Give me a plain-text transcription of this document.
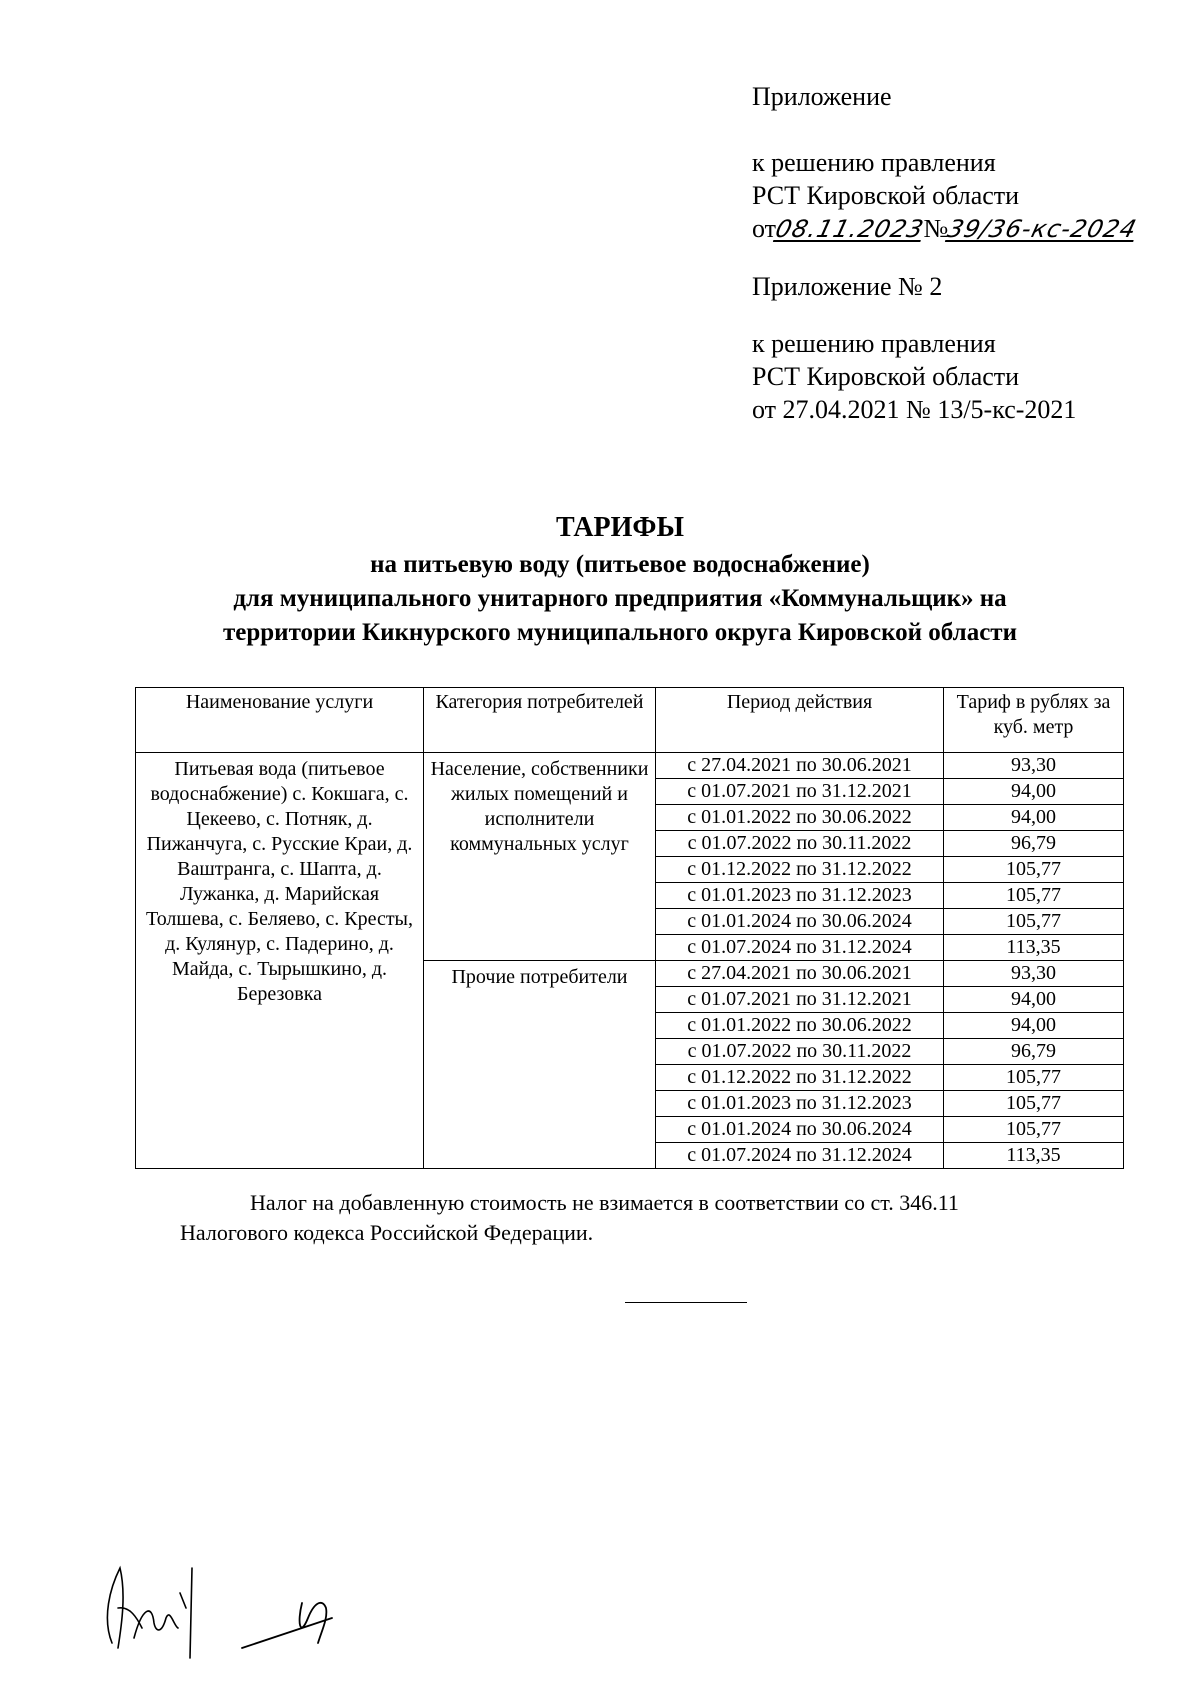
Приложение
к решению правления
РСТ Кировской области
от08.11.2023№39/36-кс-2024
Приложение № 2
к решению правления
РСТ Кировской области
от 27.04.2021 № 13/5-кс-2021
ТАРИФЫ
на питьевую воду (питьевое водоснабжение)
для муниципального унитарного предприятия «Коммунальщик» на
территории Кикнурского муниципального округа Кировской области
Наименование услуги	Категория потребителей	Период действия	Тариф в рублях за куб. метр
Питьевая вода (питьевое водоснабжение) с. Кокшага, с. Цекеево, с. Потняк, д. Пижанчуга, с. Русские Краи, д. Ваштранга, с. Шапта, д. Лужанка, д. Марийская Толшева, с. Беляево, с. Кресты, д. Кулянур, с. Падерино, д. Майда, с. Тырышкино, д. Березовка	Население, собственники жилых помещений и исполнители коммунальных услуг	с 27.04.2021 по 30.06.2021	93,30
		с 01.07.2021 по 31.12.2021	94,00
		с 01.01.2022 по 30.06.2022	94,00
		с 01.07.2022 по 30.11.2022	96,79
		с 01.12.2022 по 31.12.2022	105,77
		с 01.01.2023 по 31.12.2023	105,77
		с 01.01.2024 по 30.06.2024	105,77
		с 01.07.2024 по 31.12.2024	113,35
	Прочие потребители	с 27.04.2021 по 30.06.2021	93,30
		с 01.07.2021 по 31.12.2021	94,00
		с 01.01.2022 по 30.06.2022	94,00
		с 01.07.2022 по 30.11.2022	96,79
		с 01.12.2022 по 31.12.2022	105,77
		с 01.01.2023 по 31.12.2023	105,77
		с 01.01.2024 по 30.06.2024	105,77
		с 01.07.2024 по 31.12.2024	113,35
Налог на добавленную стоимость не взимается в соответствии со ст. 346.11
Налогового кодекса Российской Федерации.
